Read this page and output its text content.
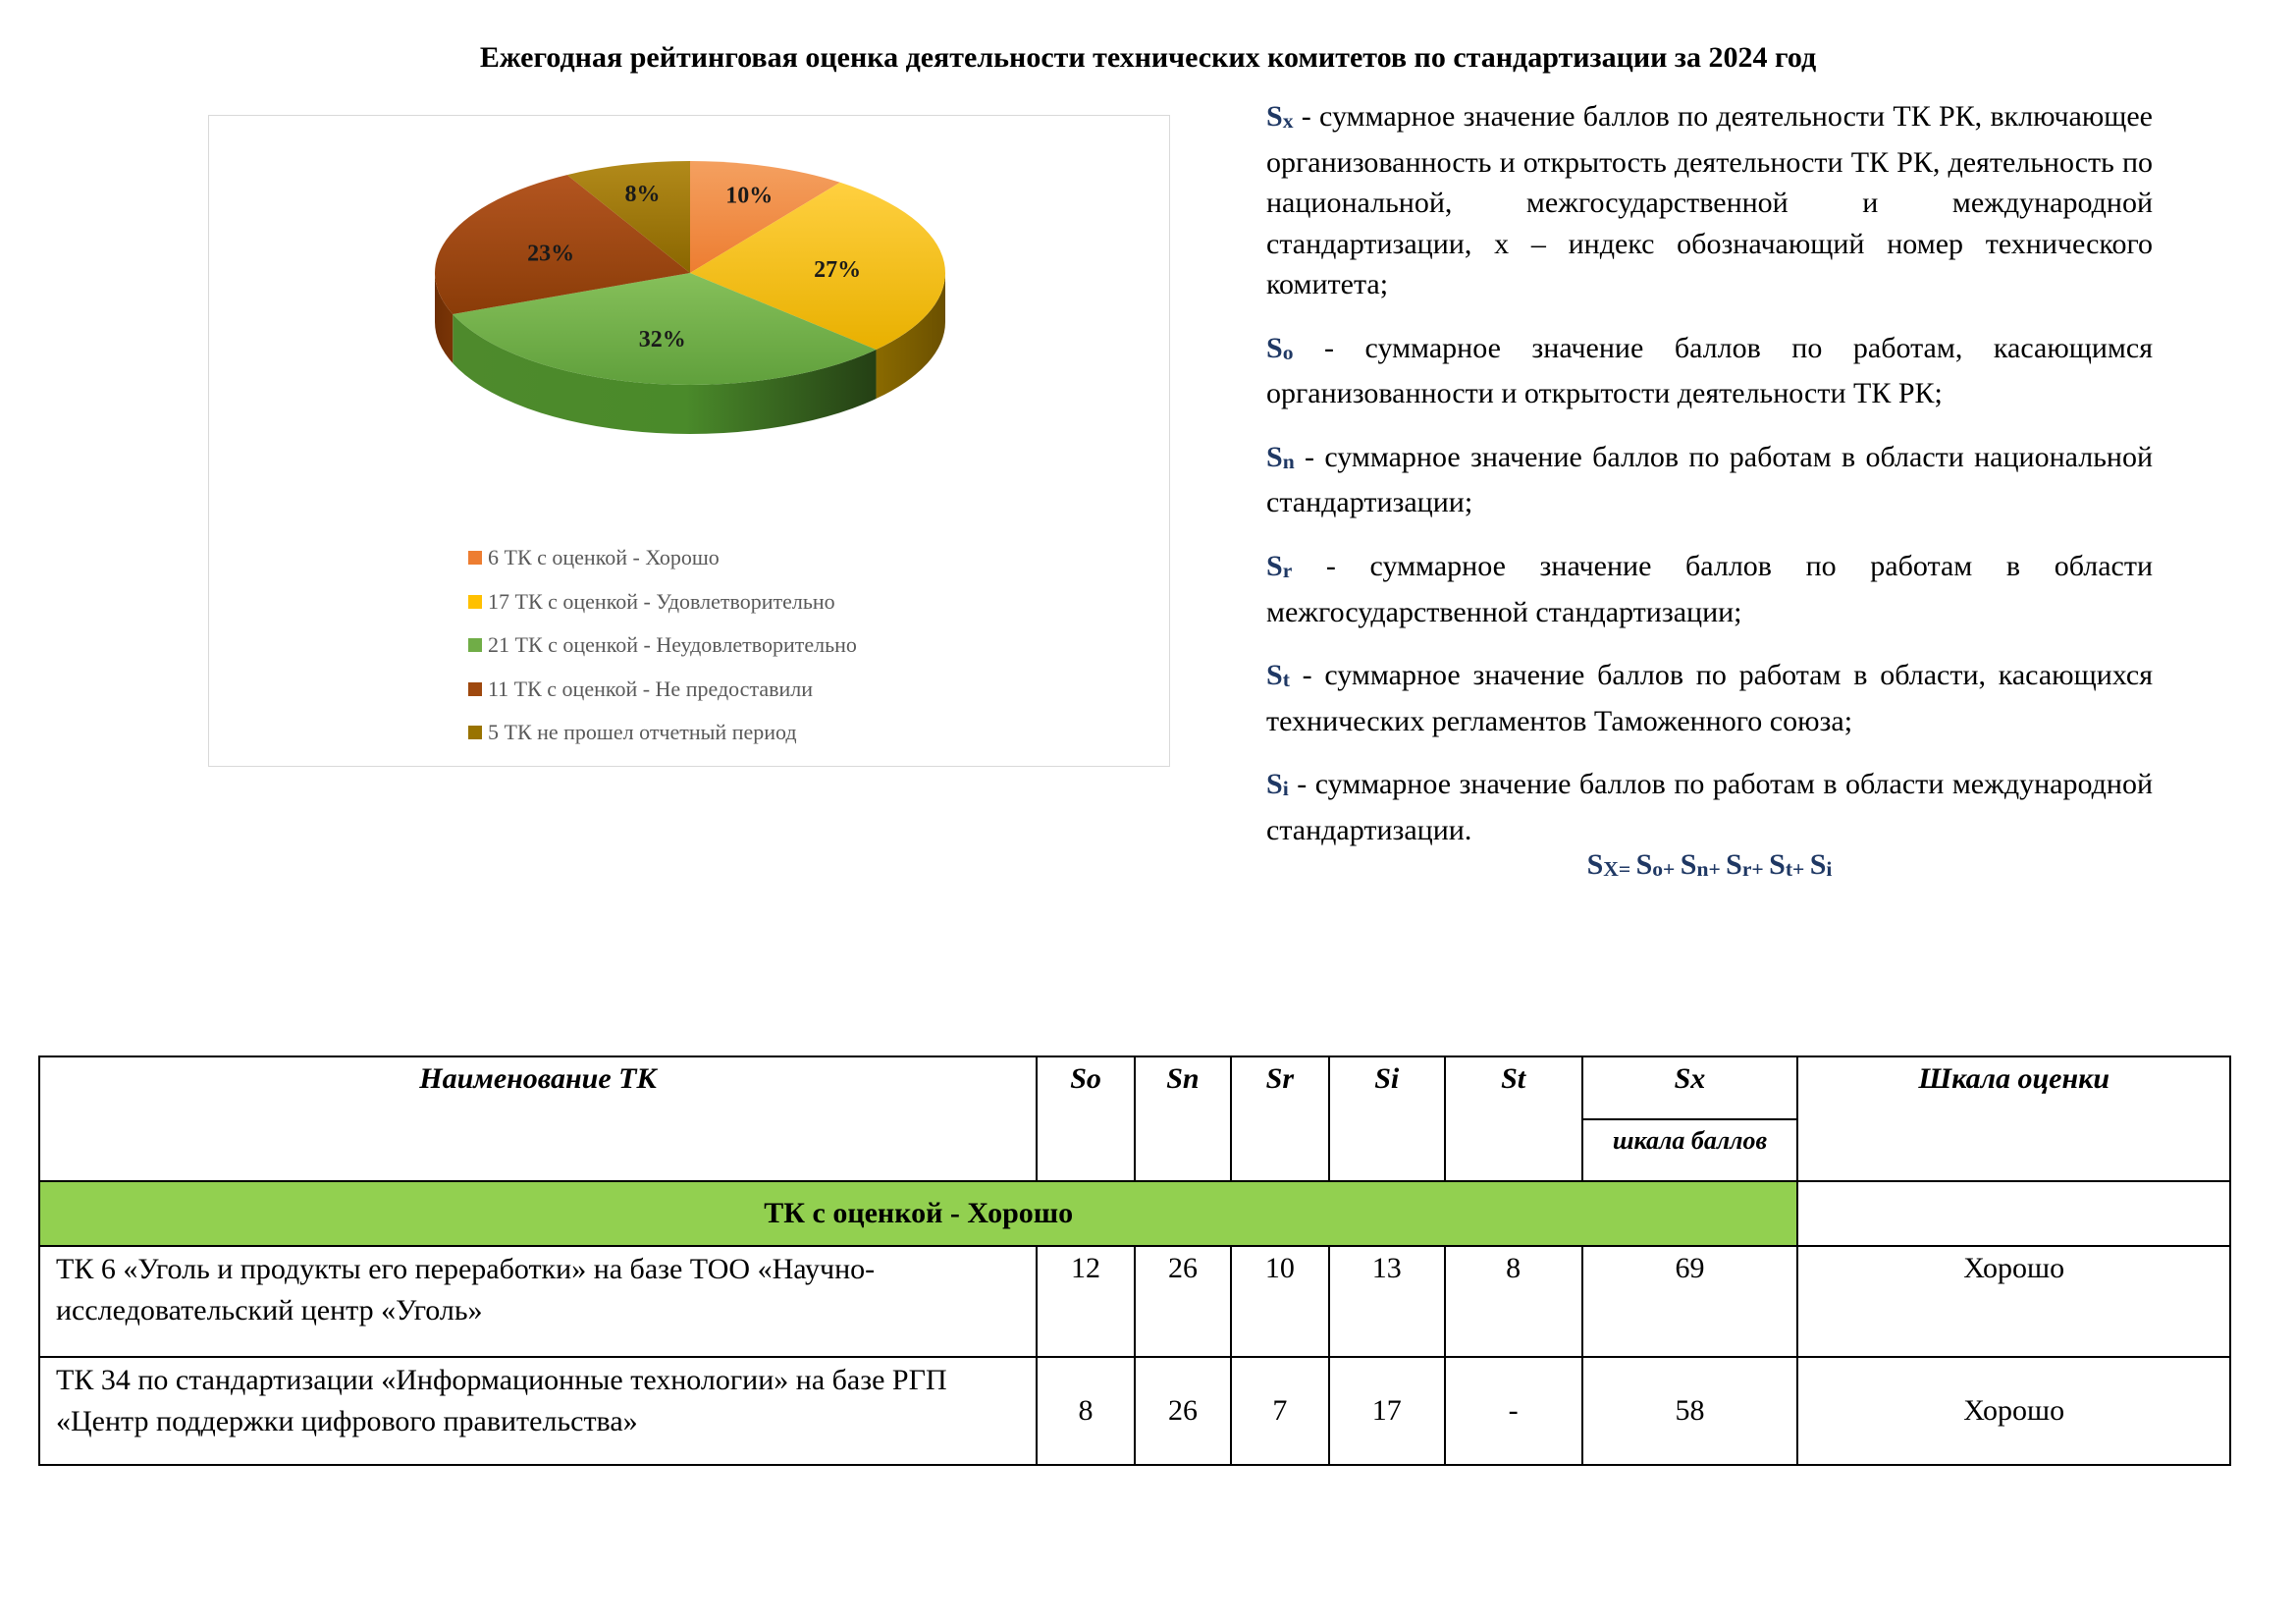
Ежегодная рейтинговая оценка деятельности технических комитетов по стандартизации за 2024 год
10%
27%
32%
23%
8%
6 ТК с оценкой - Хорошо
17 ТК с оценкой - Удовлетворительно
21 ТК с оценкой - Неудовлетворительно
11 ТК с оценкой - Не предоставили
5 ТК не прошел отчетный период

Sx - суммарное значение баллов по деятельности ТК РК, включающее организованность и открытость деятельности ТК РК, деятельность по национальной, межгосударственной и международной стандартизации, x – индекс обозначающий номер технического комитета;

So - суммарное значение баллов по работам, касающимся организованности и открытости деятельности ТК РК;

Sn - суммарное значение баллов по работам в области национальной стандартизации;

Sr - суммарное значение баллов по работам в области межгосударственной стандартизации;

St - суммарное значение баллов по работам в области, касающихся технических регламентов Таможенного союза;

Si - суммарное значение баллов по работам в области международной стандартизации.

SX= So+ Sn+ Sr+ St+ Si
Наименование ТК	So	Sn	Sr	Si	St	Sx	Шкала оценки
						шкала баллов	
ТК с оценкой - Хорошо							
ТК 6 «Уголь и продукты его переработки» на базе ТОО «Научно-исследовательский центр «Уголь»	12	26	10	13	8	69	Хорошо
ТК 34 по стандартизации «Информационные технологии» на базе РГП «Центр поддержки цифрового правительства»	8	26	7	17	-	58	Хорошо
